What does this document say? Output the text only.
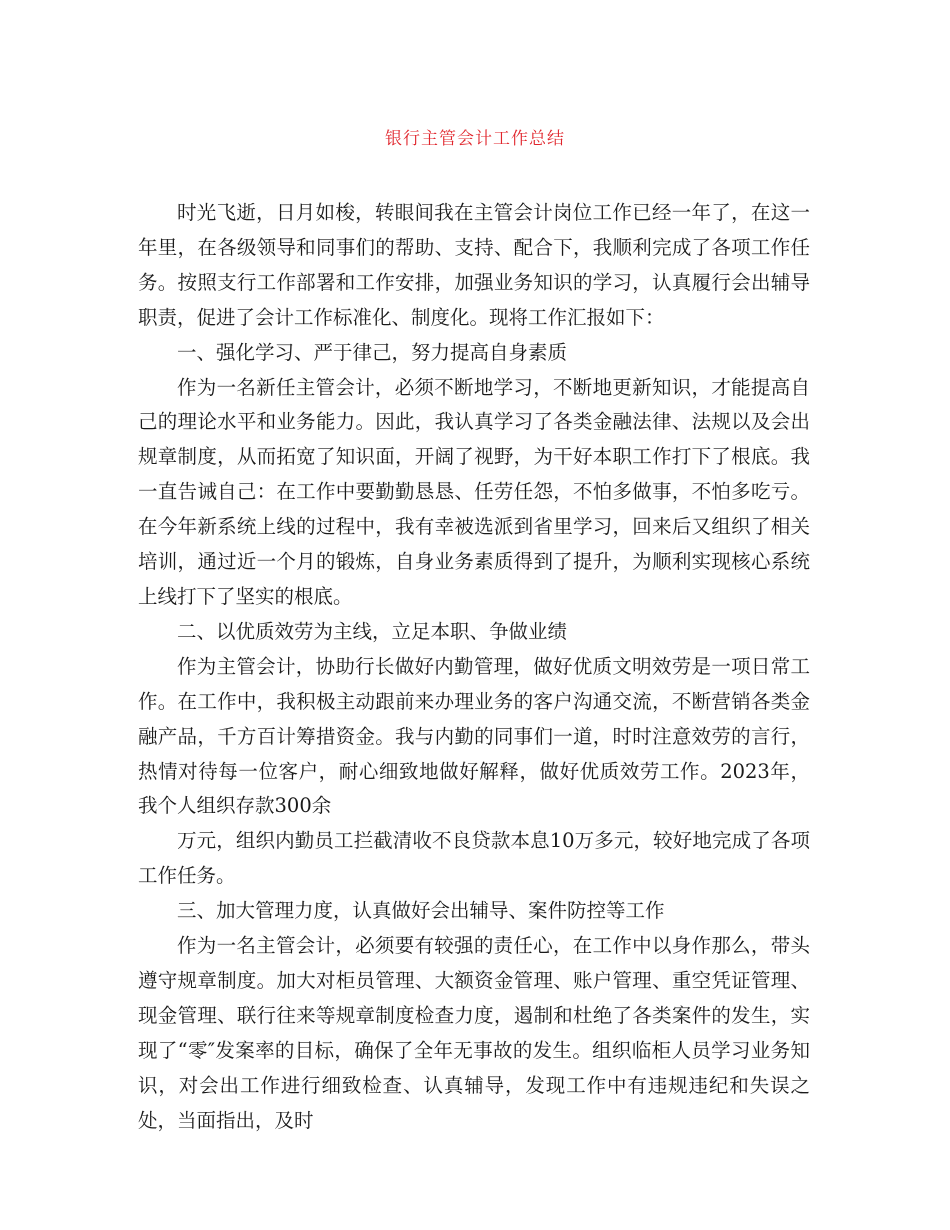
银行主管会计工作总结

时光飞逝，日月如梭，转眼间我在主管会计岗位工作已经一年了，在这一年里，在各级领导和同事们的帮助、支持、配合下，我顺利完成了各项工作任务。按照支行工作部署和工作安排，加强业务知识的学习，认真履行会出辅导职责，促进了会计工作标准化、制度化。现将工作汇报如下：

一、强化学习、严于律己，努力提高自身素质

作为一名新任主管会计，必须不断地学习，不断地更新知识，才能提高自己的理论水平和业务能力。因此，我认真学习了各类金融法律、法规以及会出规章制度，从而拓宽了知识面，开阔了视野，为干好本职工作打下了根底。我一直告诫自己：在工作中要勤勤恳恳、任劳任怨，不怕多做事，不怕多吃亏。在今年新系统上线的过程中，我有幸被选派到省里学习，回来后又组织了相关培训，通过近一个月的锻炼，自身业务素质得到了提升，为顺利实现核心系统上线打下了坚实的根底。

二、以优质效劳为主线，立足本职、争做业绩

作为主管会计，协助行长做好内勤管理，做好优质文明效劳是一项日常工作。在工作中，我积极主动跟前来办理业务的客户沟通交流，不断营销各类金融产品，千方百计筹措资金。我与内勤的同事们一道，时时注意效劳的言行，热情对待每一位客户，耐心细致地做好解释，做好优质效劳工作。2023年，我个人组织存款300余

万元，组织内勤员工拦截清收不良贷款本息10万多元，较好地完成了各项工作任务。

三、加大管理力度，认真做好会出辅导、案件防控等工作

作为一名主管会计，必须要有较强的责任心，在工作中以身作那么，带头遵守规章制度。加大对柜员管理、大额资金管理、账户管理、重空凭证管理、现金管理、联行往来等规章制度检查力度，遏制和杜绝了各类案件的发生，实现了“零″发案率的目标，确保了全年无事故的发生。组织临柜人员学习业务知识，对会出工作进行细致检查、认真辅导，发现工作中有违规违纪和失误之处，当面指出，及时
